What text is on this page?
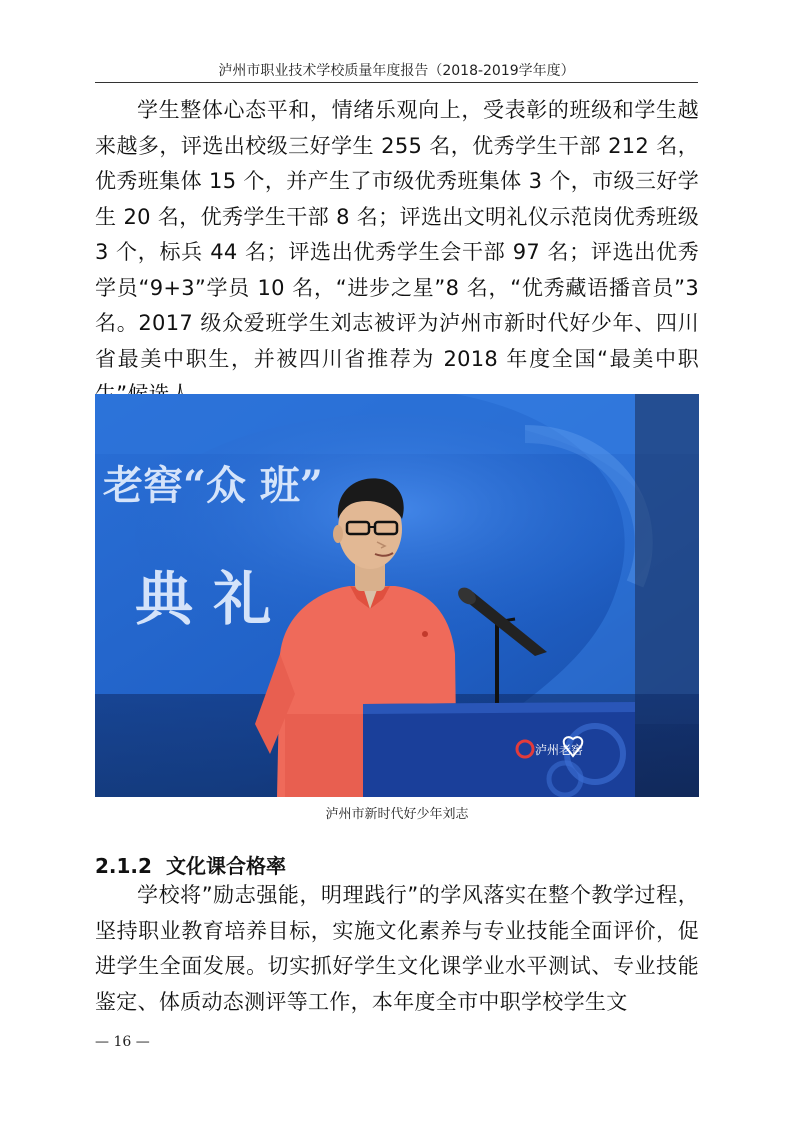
泸州市职业技术学校质量年度报告（2018-2019学年度）

学生整体心态平和，情绪乐观向上，受表彰的班级和学生越来越多，评选出校级三好学生 255 名，优秀学生干部 212 名，优秀班集体 15 个，并产生了市级优秀班集体 3 个，市级三好学生 20 名，优秀学生干部 8 名；评选出文明礼仪示范岗优秀班级 3 个，标兵 44 名；评选出优秀学生会干部 97 名；评选出优秀学员“9+3”学员 10 名，“进步之星”8 名，“优秀藏语播音员”3 名。2017 级众爱班学生刘志被评为泸州市新时代好少年、四川省最美中职生，并被四川省推荐为 2018 年度全国“最美中职

老窖“众 班”
典 礼
泸州老窖
泸州市新时代好少年刘志
2.1.2 文化课合格率

学校将”励志强能，明理践行”的学风落实在整个教学过程，坚持职业教育培养目标，实施文化素养与专业技能全面评价，促进学生全面发展。切实抓好学生文化课学业水平测试、专业技能鉴定、体质动态测评等工作，本年度全市中职学校学生文

— 16 —
